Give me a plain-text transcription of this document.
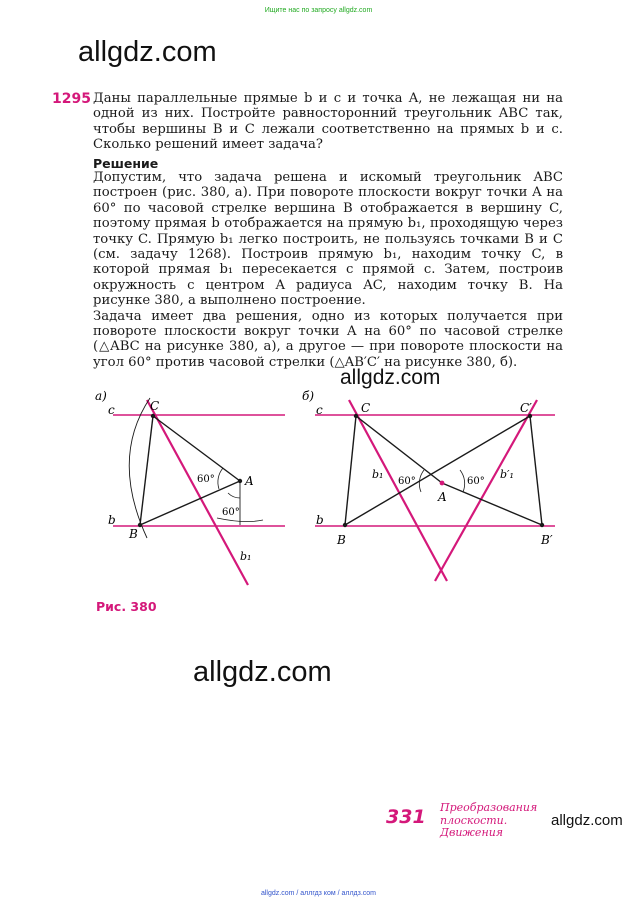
Ищите нас по запросу allgdz.com
allgdz.com
1295 Даны параллельные прямые b и c и точка A, не лежащая ни на одной из них. Постройте равносторонний треугольник ABC так, чтобы вершины B и C лежали соответственно на прямых b и c. Сколько решений имеет задача?
Решение

Допустим, что задача решена и искомый треугольник ABC построен (рис. 380, а). При повороте плоскости вокруг точки A на 60° по часовой стрелке вершина B отображается в вершину C, поэтому прямая b отображается на прямую b₁, проходящую через точку C. Прямую b₁ легко построить, не пользуясь точками B и C (см. задачу 1268). Построив прямую b₁, находим точку C, в которой прямая b₁ пересекается с прямой c. Затем, построив окружность с центром A радиуса AC, находим точку B. На рисунке 380, а выполнено построение.

Задача имеет два решения, одно из которых получается при повороте плоскости вокруг точки A на 60° по часовой стрелке (△ABC на рисунке 380, а), а другое — при повороте плоскости на угол 60° против часовой стрелки (△AB′C′ на рисунке 380, б).

allgdz.com
а)
c
b
b₁
A
B
C
60°
60°
б)
c
b
b₁	b′₁
A
B
C
B′
C′
60°	60°
Рис. 380
allgdz.com
331 Преобразования
плоскости.
Движения
allgdz.com
allgdz.com / аллгдз ком / аллдз.com
